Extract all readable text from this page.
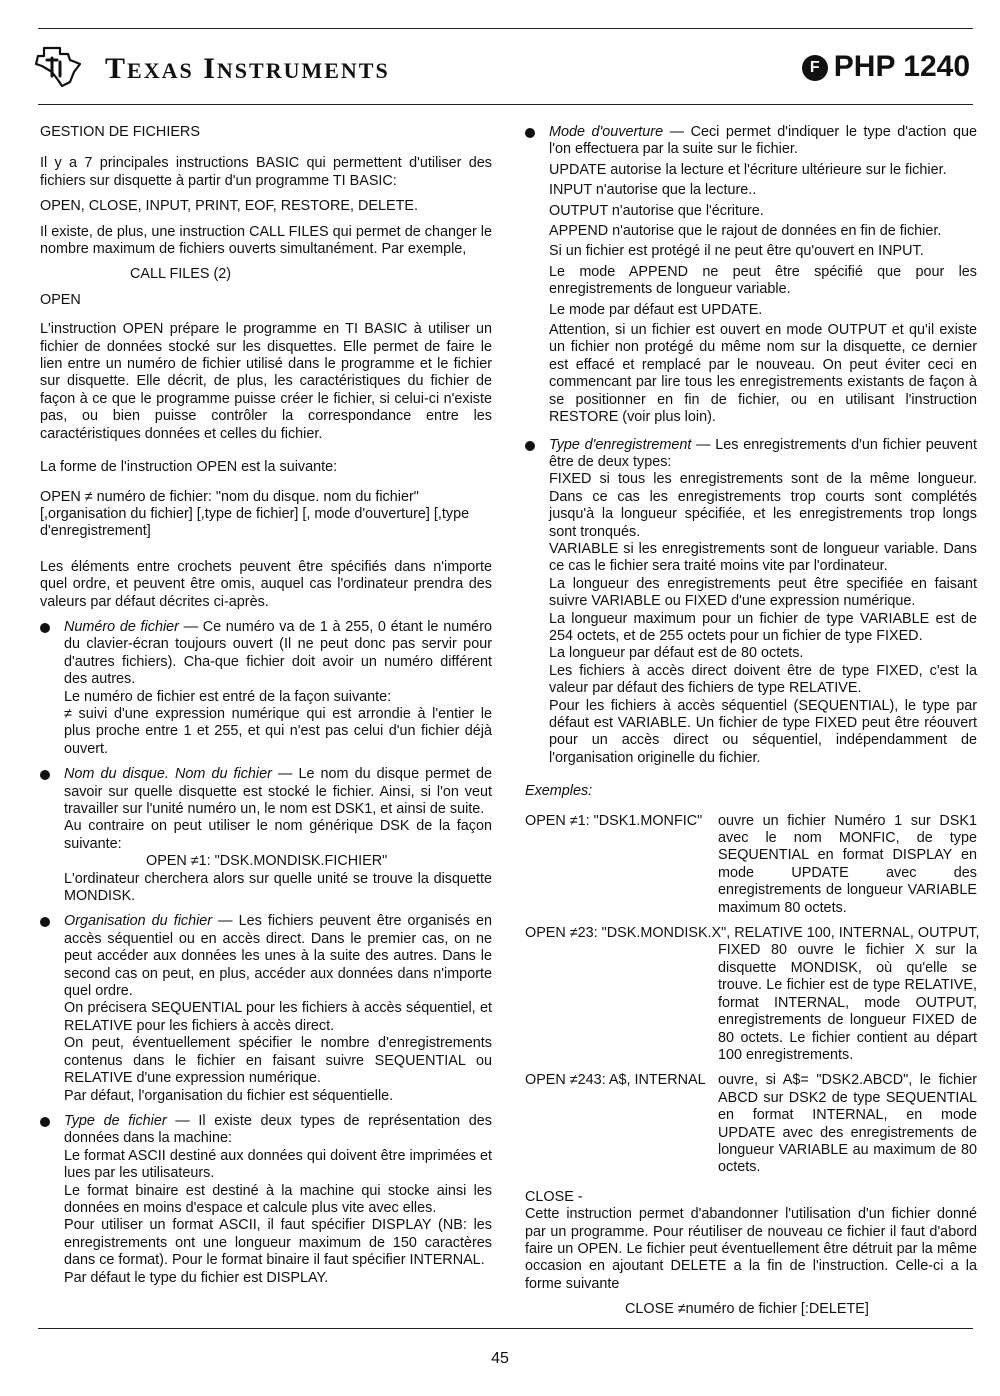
TEXAS INSTRUMENTS	F PHP 1240

GESTION DE FICHIERS

Il y a 7 principales instructions BASIC qui permettent d'utiliser des fichiers sur disquette à partir d'un programme TI BASIC:

OPEN, CLOSE, INPUT, PRINT, EOF, RESTORE, DELETE.

Il existe, de plus, une instruction CALL FILES qui permet de changer le nombre maximum de fichiers ouverts simultanément. Par exemple,

CALL FILES (2)

OPEN

L'instruction OPEN prépare le programme en TI BASIC à utiliser un fichier de données stocké sur les disquettes. Elle permet de faire le lien entre un numéro de fichier utilisé dans le programme et le fichier sur disquette. Elle décrit, de plus, les caractéristiques du fichier de façon à ce que le programme puisse créer le fichier, si celui-ci n'existe pas, ou bien puisse contrôler la correspondance entre les caractéristiques données et celles du fichier.

La forme de l'instruction OPEN est la suivante:

OPEN ≠ numéro de fichier: "nom du disque. nom du fichier" [,organisation du fichier] [,type de fichier] [, mode d'ouverture] [,type d'enregistrement]

Les éléments entre crochets peuvent être spécifiés dans n'importe quel ordre, et peuvent être omis, auquel cas l'ordinateur prendra des valeurs par défaut décrites ci-après.

Numéro de fichier — Ce numéro va de 1 à 255, 0 étant le numéro du clavier-écran toujours ouvert (Il ne peut donc pas servir pour d'autres fichiers). Cha-que fichier doit avoir un numéro différent des autres.
Le numéro de fichier est entré de la façon suivante:
≠ suivi d'une expression numérique qui est arrondie à l'entier le plus proche entre 1 et 255, et qui n'est pas celui d'un fichier déjà ouvert.
Nom du disque. Nom du fichier — Le nom du disque permet de savoir sur quelle disquette est stocké le fichier. Ainsi, si l'on veut travailler sur l'unité numéro un, le nom est DSK1, et ainsi de suite.
Au contraire on peut utiliser le nom générique DSK de la façon suivante:
OPEN ≠1: "DSK.MONDISK.FICHIER"
L'ordinateur cherchera alors sur quelle unité se trouve la disquette MONDISK.
Organisation du fichier — Les fichiers peuvent être organisés en accès séquentiel ou en accès direct. Dans le premier cas, on ne peut accéder aux données les unes à la suite des autres. Dans le second cas on peut, en plus, accéder aux données dans n'importe quel ordre.
On précisera SEQUENTIAL pour les fichiers à accès séquentiel, et RELATIVE pour les fichiers à accès direct.
On peut, éventuellement spécifier le nombre d'enregistrements contenus dans le fichier en faisant suivre SEQUENTIAL ou RELATIVE d'une expression numérique.
Par défaut, l'organisation du fichier est séquentielle.
Type de fichier — Il existe deux types de représentation des données dans la machine:
Le format ASCII destiné aux données qui doivent être imprimées et lues par les utilisateurs.
Le format binaire est destiné à la machine qui stocke ainsi les données en moins d'espace et calcule plus vite avec elles.
Pour utiliser un format ASCII, il faut spécifier DISPLAY (NB: les enregistrements ont une longueur maximum de 150 caractères dans ce format). Pour le format binaire il faut spécifier INTERNAL.
Par défaut le type du fichier est DISPLAY.
Mode d'ouverture — Ceci permet d'indiquer le type d'action que l'on effectuera par la suite sur le fichier.
UPDATE autorise la lecture et l'écriture ultérieure sur le fichier.
INPUT n'autorise que la lecture..
OUTPUT n'autorise que l'écriture.
APPEND n'autorise que le rajout de données en fin de fichier.
Si un fichier est protégé il ne peut être qu'ouvert en INPUT.
Le mode APPEND ne peut être spécifié que pour les enregistrements de longueur variable.
Le mode par défaut est UPDATE.
Attention, si un fichier est ouvert en mode OUTPUT et qu'il existe un fichier non protégé du même nom sur la disquette, ce dernier est effacé et remplacé par le nouveau. On peut éviter ceci en commencant par lire tous les enregistrements existants de façon à se positionner en fin de fichier, ou en utilisant l'instruction RESTORE (voir plus loin).
Type d'enregistrement — Les enregistrements d'un fichier peuvent être de deux types:
FIXED si tous les enregistrements sont de la même longueur. Dans ce cas les enregistrements trop courts sont complétés jusqu'à la longueur spécifiée, et les enregistrements trop longs sont tronqués.
VARIABLE si les enregistrements sont de longueur variable. Dans ce cas le fichier sera traité moins vite par l'ordinateur.
La longueur des enregistrements peut être specifiée en faisant suivre VARIABLE ou FIXED d'une expression numérique.
La longueur maximum pour un fichier de type VARIABLE est de 254 octets, et de 255 octets pour un fichier de type FIXED.
La longueur par défaut est de 80 octets.
Les fichiers à accès direct doivent être de type FIXED, c'est la valeur par défaut des fichiers de type RELATIVE.
Pour les fichiers à accès séquentiel (SEQUENTIAL), le type par défaut est VARIABLE. Un fichier de type FIXED peut être réouvert pour un accès direct ou séquentiel, indépendamment de l'organisation originelle du fichier.

Exemples:

OPEN ≠1: "DSK1.MONFIC"	ouvre un fichier Numéro 1 sur DSK1 avec le nom MONFIC, de type SEQUENTIAL en format DISPLAY en mode UPDATE avec des enregistrements de longueur VARIABLE maximum 80 octets.
OPEN ≠23: "DSK.MONDISK.X", RELATIVE 100, INTERNAL, OUTPUT,
FIXED 80 ouvre le fichier X sur la disquette MONDISK, où qu'elle se trouve. Le fichier est de type RELATIVE, format INTERNAL, mode OUTPUT, enregistrements de longueur FIXED de 80 octets. Le fichier contient au départ 100 enregistrements.
OPEN ≠243: A$, INTERNAL ouvre, si A$= "DSK2.ABCD", le fichier ABCD sur DSK2 de type SEQUENTIAL en format INTERNAL, en mode UPDATE avec des enregistrements de longueur VARIABLE au maximum de 80 octets.

CLOSE -

Cette instruction permet d'abandonner l'utilisation d'un fichier donné par un programme. Pour réutiliser de nouveau ce fichier il faut d'abord faire un OPEN. Le fichier peut éventuellement être détruit par la même occasion en ajoutant DELETE a la fin de l'instruction. Celle-ci a la forme suivante

CLOSE ≠numéro de fichier [:DELETE]

45
